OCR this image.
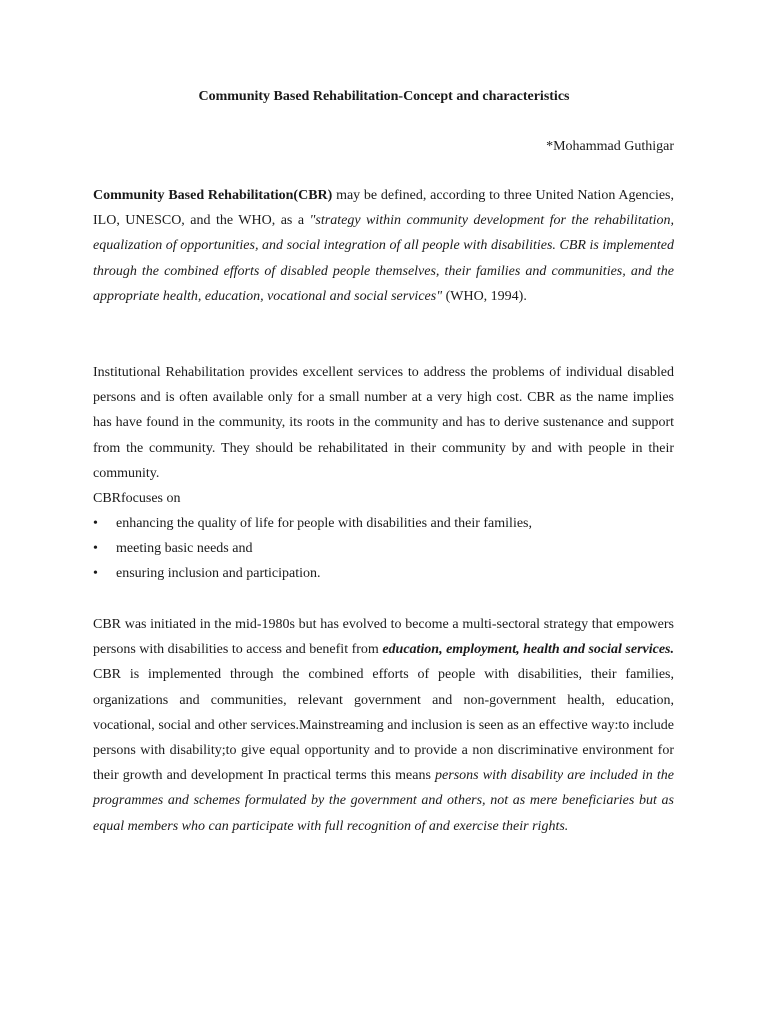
Community Based Rehabilitation-Concept and characteristics
*Mohammad Guthigar

Community Based Rehabilitation(CBR) may be defined, according to three United Nation Agencies, ILO, UNESCO, and the WHO, as a "strategy within community development for the rehabilitation, equalization of opportunities, and social integration of all people with disabilities. CBR is implemented through the combined efforts of disabled people themselves, their families and communities, and the appropriate health, education, vocational and social services" (WHO, 1994).

Institutional Rehabilitation provides excellent services to address the problems of individual disabled persons and is often available only for a small number at a very high cost. CBR as the name implies has have found in the community, its roots in the community and has to derive sustenance and support from the community. They should be rehabilitated in their community by and with people in their community.

CBRfocuses on
• enhancing the quality of life for people with disabilities and their families,
• meeting basic needs and
• ensuring inclusion and participation.

CBR was initiated in the mid-1980s but has evolved to become a multi-sectoral strategy that empowers persons with disabilities to access and benefit from education, employment, health and social services. CBR is implemented through the combined efforts of people with disabilities, their families, organizations and communities, relevant government and non-government health, education, vocational, social and other services.Mainstreaming and inclusion is seen as an effective way:to include persons with disability;to give equal opportunity and to provide a non discriminative environment for their growth and development In practical terms this means persons with disability are included in the programmes and schemes formulated by the government and others, not as mere beneficiaries but as equal members who can participate with full recognition of and exercise their rights.
